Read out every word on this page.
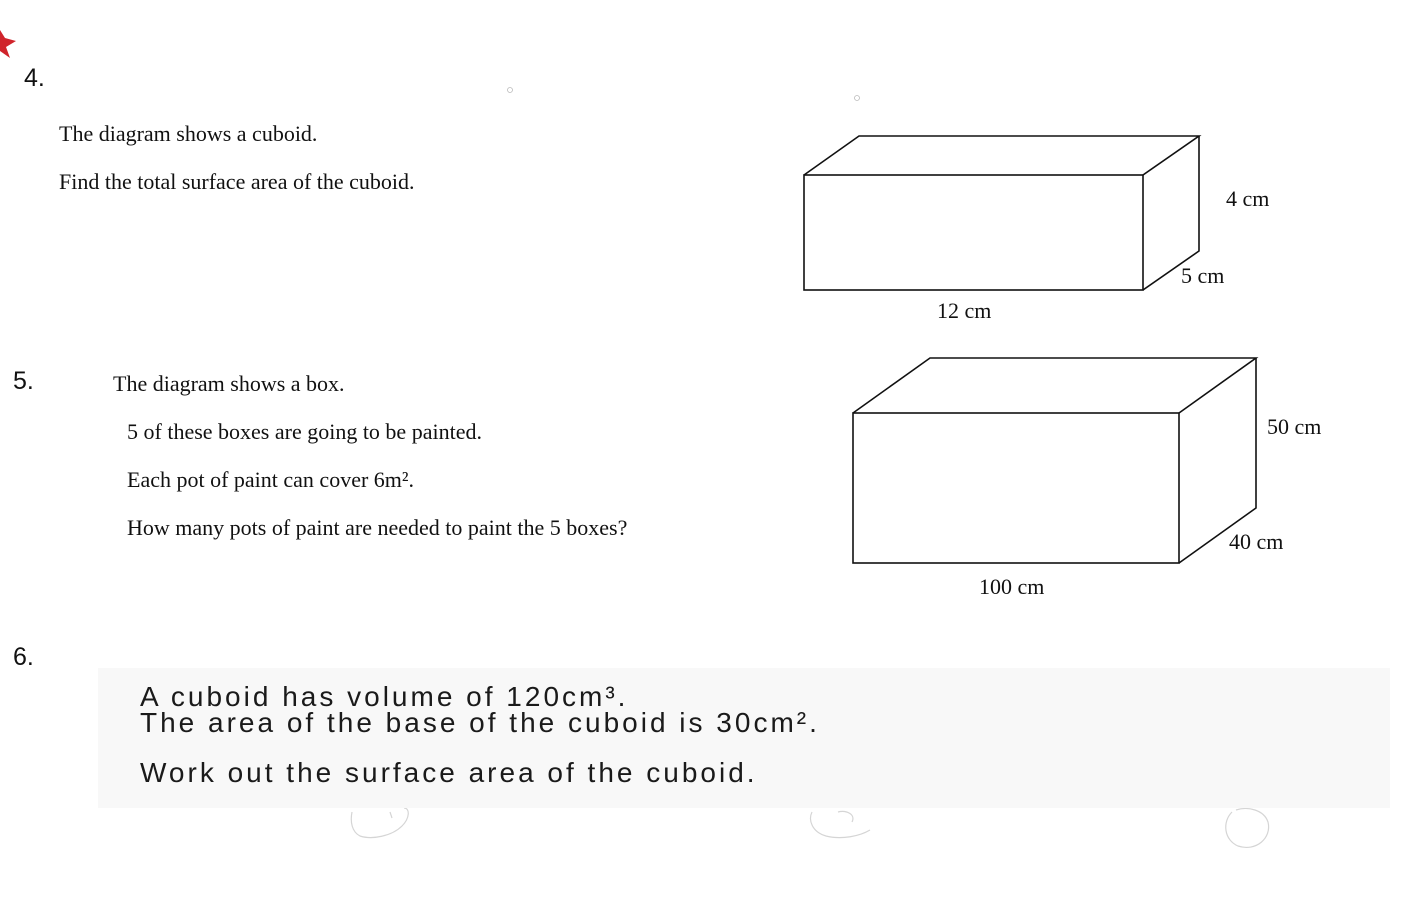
4.
The diagram shows a cuboid.
Find the total surface area of the cuboid.
4 cm
5 cm
12 cm
5.	The diagram shows a box.
5 of these boxes are going to be painted.
Each pot of paint can cover 6m².
How many pots of paint are needed to paint the 5 boxes?
50 cm
40 cm
100 cm
6.
A cuboid has volume of 120cm³.
The area of the base of the cuboid is 30cm².
Work out the surface area of the cuboid.
